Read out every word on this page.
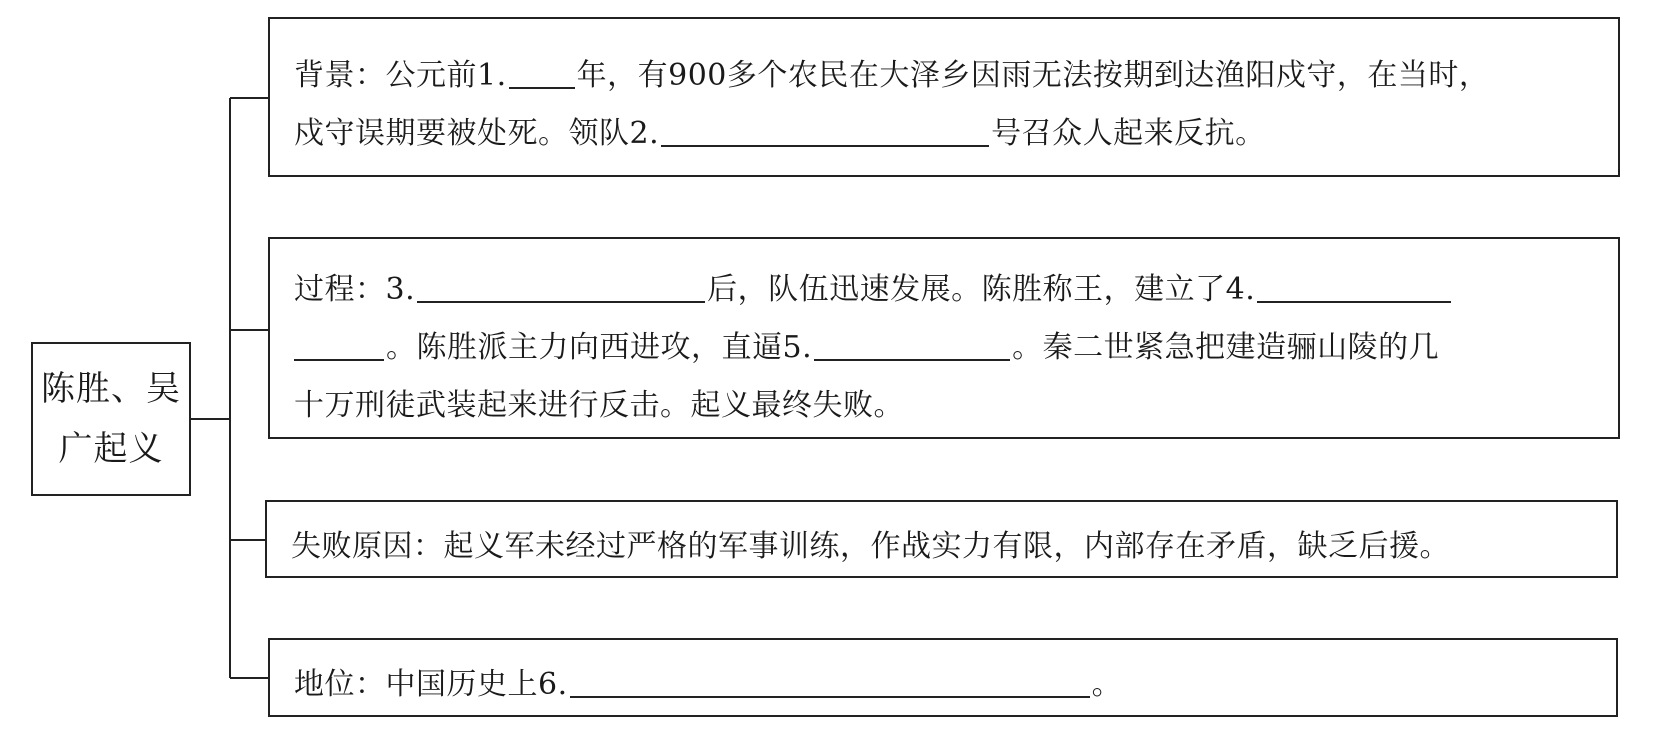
陈胜、吴
广起义
背景：公元前1. 年，有900多个农民在大泽乡因雨无法按期到达渔阳戍守，在当时，
戍守误期要被处死。领队2.	号召众人起来反抗。
过程：3.	后，队伍迅速发展。陈胜称王，建立了4.
。陈胜派主力向西进攻，直逼5.	。秦二世紧急把建造骊山陵的几
十万刑徒武装起来进行反击。起义最终失败。
失败原因：起义军未经过严格的军事训练，作战实力有限，内部存在矛盾，缺乏后援。
地位：中国历史上6.	。
